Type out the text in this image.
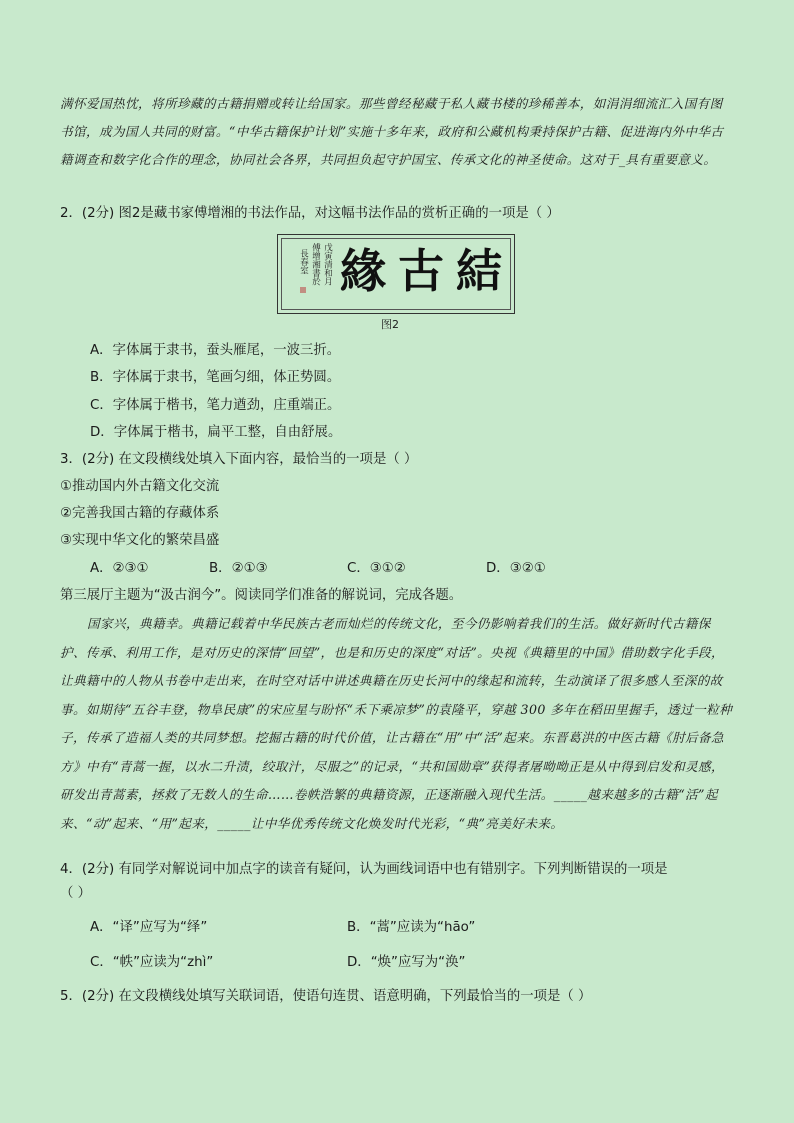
满怀爱国热忱，将所珍藏的古籍捐赠或转让给国家。那些曾经秘藏于私人藏书楼的珍稀善本，如涓涓细流汇入国有图书馆，成为国人共同的财富。“中华古籍保护计划”实施十多年来，政府和公藏机构秉持保护古籍、促进海内外中华古籍调查和数字化合作的理念，协同社会各界，共同担负起守护国宝、传承文化的神圣使命。这对于_具有重要意义。
2．(2分) 图2是藏书家傅增湘的书法作品，对这幅书法作品的赏析正确的一项是（ ）
戊寅清和月
傅增湘書於
長春室 緣古結
图2
A．字体属于隶书，蚕头雁尾，一波三折。
B．字体属于隶书，笔画匀细，体正势圆。
C．字体属于楷书，笔力遒劲，庄重端正。
D．字体属于楷书，扁平工整，自由舒展。
3．(2分) 在文段横线处填入下面内容，最恰当的一项是（ ）
①推动国内外古籍文化交流
②完善我国古籍的存藏体系
③实现中华文化的繁荣昌盛
A．②③①	B．②①③	C．③①②	D．③②①
第三展厅主题为“汲古润今”。阅读同学们准备的解说词，完成各题。
国家兴，典籍幸。典籍记载着中华民族古老而灿烂的传统文化，至今仍影响着我们的生活。做好新时代古籍保护、传承、利用工作，是对历史的深情“回望”，也是和历史的深度“对话”。央视《典籍里的中国》借助数字化手段，让典籍中的人物从书卷中走出来，在时空对话中讲述典籍在历史长河中的缘起和流转，生动演译了很多感人至深的故事。如期待“五谷丰登，物阜民康”的宋应星与盼怀“禾下乘凉梦”的袁隆平，穿越 300 多年在稻田里握手，透过一粒种子，传承了造福人类的共同梦想。挖掘古籍的时代价值，让古籍在“用”中“活”起来。东晋葛洪的中医古籍《肘后备急方》中有“青蒿一握，以水二升渍，绞取汁，尽服之”的记录，“共和国勋章”获得者屠呦呦正是从中得到启发和灵感，研发出青蒿素，拯救了无数人的生命……卷帙浩繁的典籍资源，正逐渐融入现代生活。_____越来越多的古籍“活”起来、“动”起来、“用”起来，_____让中华优秀传统文化焕发时代光彩，“典”亮美好未来。
4．(2分) 有同学对解说词中加点字的读音有疑问，认为画线词语中也有错别字。下列判断错误的一项是
（ ）
A．“译”应写为“绎”	B．“蒿”应读为“hāo”
C．“帙”应读为“zhì”	D．“焕”应写为“涣”
5．(2分) 在文段横线处填写关联词语，使语句连贯、语意明确，下列最恰当的一项是（ ）
